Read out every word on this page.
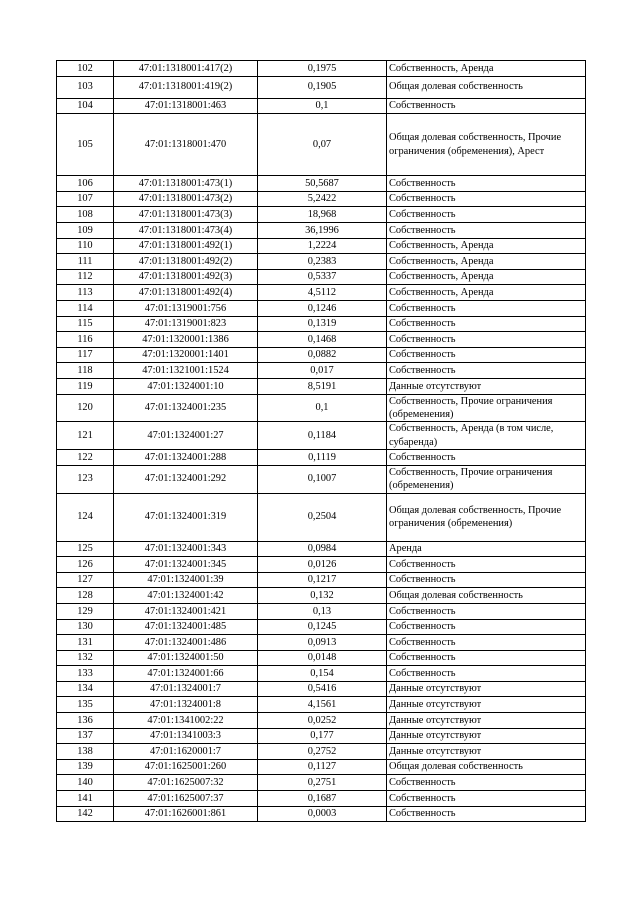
102	47:01:1318001:417(2)	0,1975	Собственность, Аренда
103	47:01:1318001:419(2)	0,1905	Общая долевая собственность
104	47:01:1318001:463	0,1	Собственность
105	47:01:1318001:470	0,07	Общая долевая собственность, Прочие ограничения (обременения), Арест
106	47:01:1318001:473(1)	50,5687	Собственность
107	47:01:1318001:473(2)	5,2422	Собственность
108	47:01:1318001:473(3)	18,968	Собственность
109	47:01:1318001:473(4)	36,1996	Собственность
110	47:01:1318001:492(1)	1,2224	Собственность, Аренда
111	47:01:1318001:492(2)	0,2383	Собственность, Аренда
112	47:01:1318001:492(3)	0,5337	Собственность, Аренда
113	47:01:1318001:492(4)	4,5112	Собственность, Аренда
114	47:01:1319001:756	0,1246	Собственность
115	47:01:1319001:823	0,1319	Собственность
116	47:01:1320001:1386	0,1468	Собственность
117	47:01:1320001:1401	0,0882	Собственность
118	47:01:1321001:1524	0,017	Собственность
119	47:01:1324001:10	8,5191	Данные отсутствуют
120	47:01:1324001:235	0,1	Собственность, Прочие ограничения (обременения)
121	47:01:1324001:27	0,1184	Собственность, Аренда (в том числе, субаренда)
122	47:01:1324001:288	0,1119	Собственность
123	47:01:1324001:292	0,1007	Собственность, Прочие ограничения (обременения)
124	47:01:1324001:319	0,2504	Общая долевая собственность, Прочие ограничения (обременения)
125	47:01:1324001:343	0,0984	Аренда
126	47:01:1324001:345	0,0126	Собственность
127	47:01:1324001:39	0,1217	Собственность
128	47:01:1324001:42	0,132	Общая долевая собственность
129	47:01:1324001:421	0,13	Собственность
130	47:01:1324001:485	0,1245	Собственность
131	47:01:1324001:486	0,0913	Собственность
132	47:01:1324001:50	0,0148	Собственность
133	47:01:1324001:66	0,154	Собственность
134	47:01:1324001:7	0,5416	Данные отсутствуют
135	47:01:1324001:8	4,1561	Данные отсутствуют
136	47:01:1341002:22	0,0252	Данные отсутствуют
137	47:01:1341003:3	0,177	Данные отсутствуют
138	47:01:1620001:7	0,2752	Данные отсутствуют
139	47:01:1625001:260	0,1127	Общая долевая собственность
140	47:01:1625007:32	0,2751	Собственность
141	47:01:1625007:37	0,1687	Собственность
142	47:01:1626001:861	0,0003	Собственность
